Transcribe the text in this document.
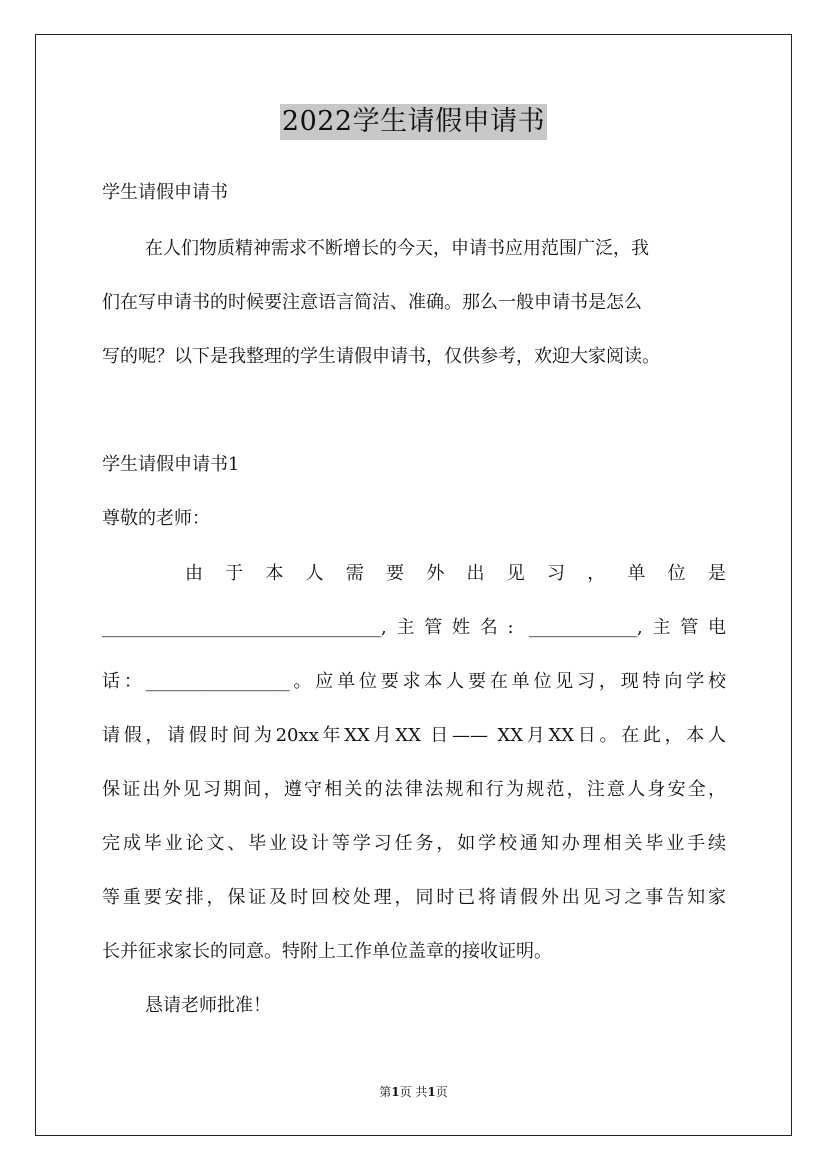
2022学生请假申请书
学生请假申请书
在人们物质精神需求不断增长的今天，申请书应用范围广泛，我
们在写申请书的时候要注意语言简洁、准确。那么一般申请书是怎么
写的呢？以下是我整理的学生请假申请书，仅供参考，欢迎大家阅读。
学生请假申请书1
尊敬的老师：
由 于 本 人 需 要 外 出 见 习 ， 单 位 是
_______________________________,主管姓名: ____________,主管电
话：________________。应单位要求本人要在单位见习，现特向学校
请假，请假时间为20xx年XX月XX 日—— XX月XX日。在此，本人
保证出外见习期间，遵守相关的法律法规和行为规范，注意人身安全，
完成毕业论文、毕业设计等学习任务，如学校通知办理相关毕业手续
等重要安排，保证及时回校处理，同时已将请假外出见习之事告知家
长并征求家长的同意。特附上工作单位盖章的接收证明。
恳请老师批准！
第1页 共1页
